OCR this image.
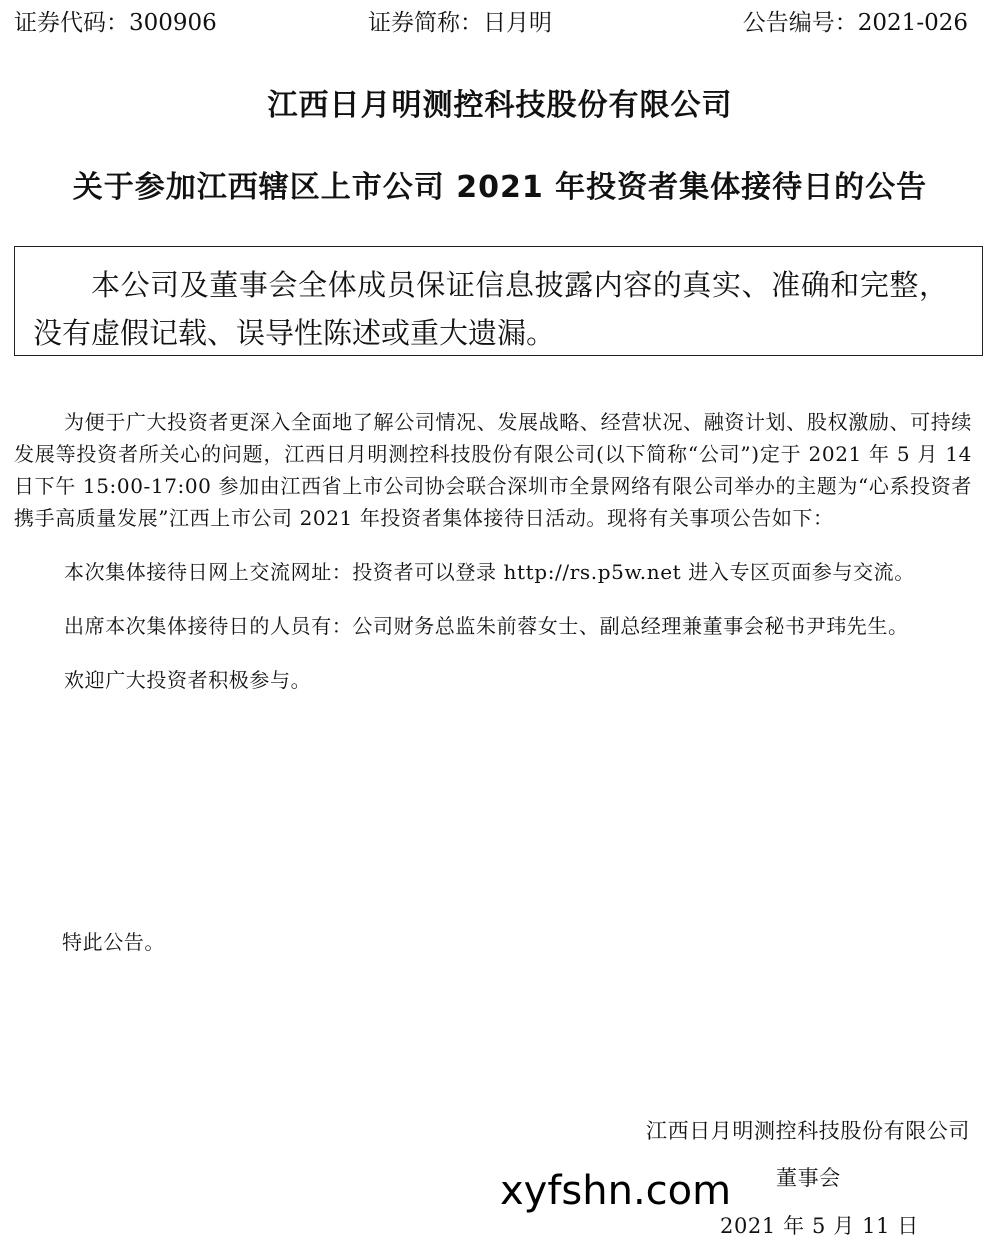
证券代码：300906	证券简称：日月明	公告编号：2021-026
江西日月明测控科技股份有限公司
关于参加江西辖区上市公司 2021 年投资者集体接待日的公告
本公司及董事会全体成员保证信息披露内容的真实、准确和完整，没有虚假记载、误导性陈述或重大遗漏。

为便于广大投资者更深入全面地了解公司情况、发展战略、经营状况、融资计划、股权激励、可持续发展等投资者所关心的问题，江西日月明测控科技股份有限公司(以下简称“公司”)定于 2021 年 5 月 14 日下午 15:00-17:00 参加由江西省上市公司协会联合深圳市全景网络有限公司举办的主题为“心系投资者 携手高质量发展”江西上市公司 2021 年投资者集体接待日活动。现将有关事项公告如下：

本次集体接待日网上交流网址：投资者可以登录 http://rs.p5w.net 进入专区页面参与交流。

出席本次集体接待日的人员有：公司财务总监朱前蓉女士、副总经理兼董事会秘书尹玮先生。

欢迎广大投资者积极参与。

特此公告。
江西日月明测控科技股份有限公司
董事会
2021 年 5 月 11 日
xyfshn.com
